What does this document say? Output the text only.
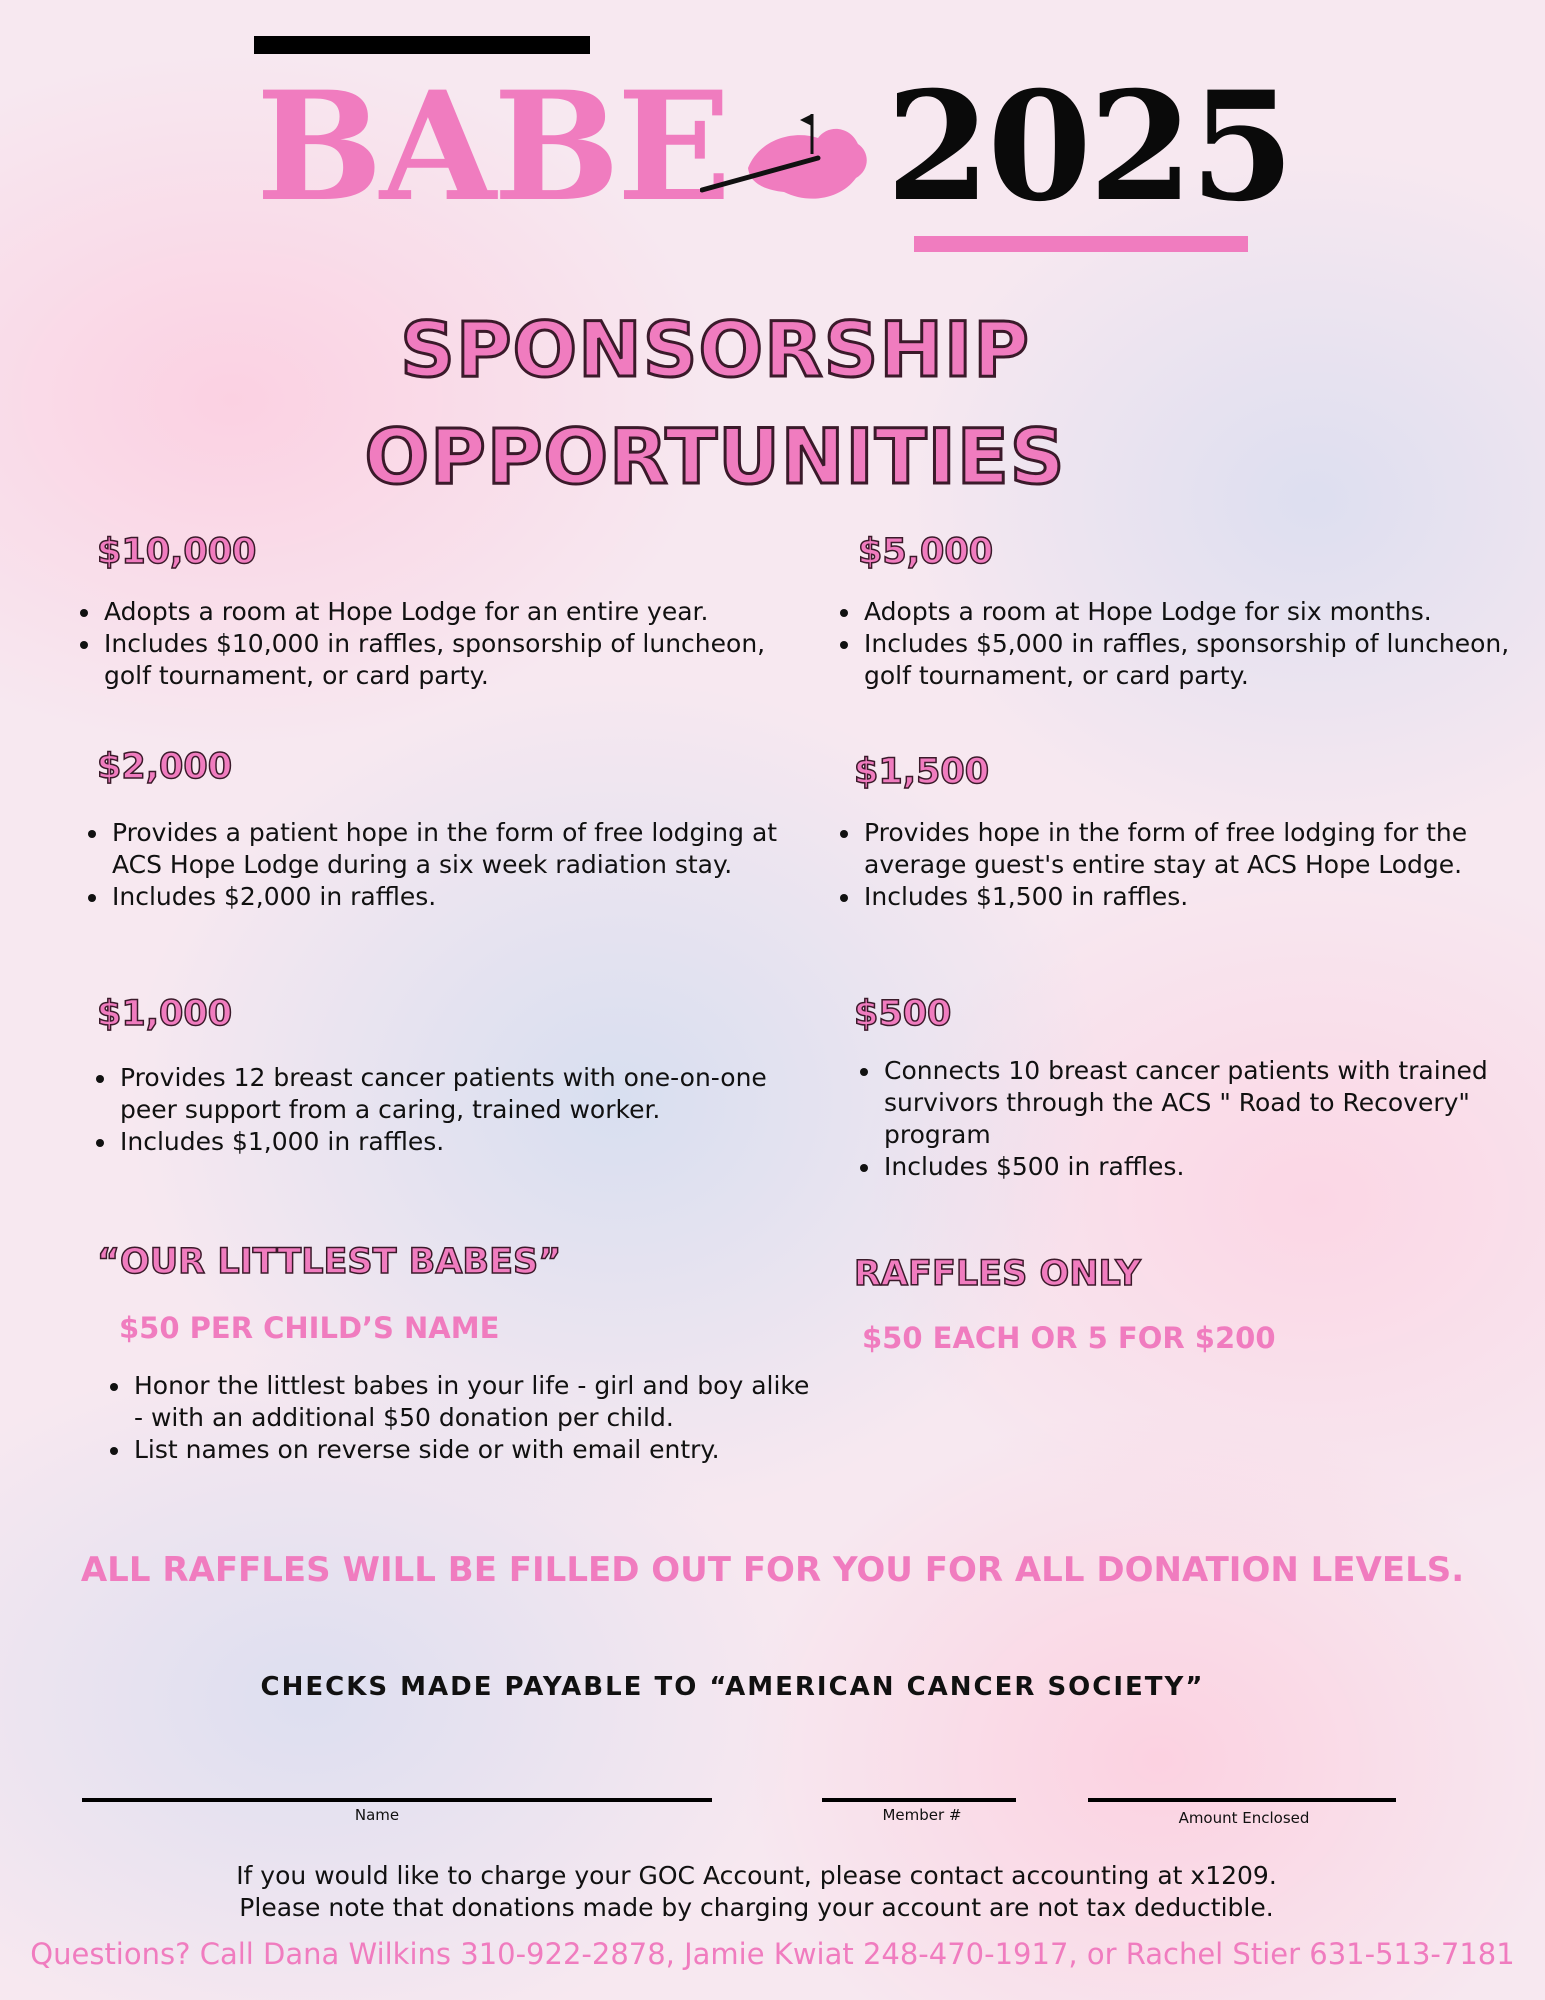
BABE 2025
SPONSORSHIP
OPPORTUNITIES
$10,000
• Adopts a room at Hope Lodge for an entire year.
• Includes $10,000 in raffles, sponsorship of luncheon, golf tournament, or card party.
$5,000
• Adopts a room at Hope Lodge for six months.
• Includes $5,000 in raffles, sponsorship of luncheon, golf tournament, or card party.
$2,000
• Provides a patient hope in the form of free lodging at ACS Hope Lodge during a six week radiation stay.
• Includes $2,000 in raffles.
$1,500
• Provides hope in the form of free lodging for the average guest's entire stay at ACS Hope Lodge.
• Includes $1,500 in raffles.
$1,000
• Provides 12 breast cancer patients with one-on-one peer support from a caring, trained worker.
• Includes $1,000 in raffles.
$500
• Connects 10 breast cancer patients with trained survivors through the ACS " Road to Recovery" program
• Includes $500 in raffles.
“OUR LITTLEST BABES”
$50 PER CHILD’S NAME
• Honor the littlest babes in your life - girl and boy alike - with an additional $50 donation per child.
• List names on reverse side or with email entry.
RAFFLES ONLY
$50 EACH OR 5 FOR $200
ALL RAFFLES WILL BE FILLED OUT FOR YOU FOR ALL DONATION LEVELS.
CHECKS MADE PAYABLE TO “AMERICAN CANCER SOCIETY”
Name	Member #	Amount Enclosed
If you would like to charge your GOC Account, please contact accounting at x1209.
Please note that donations made by charging your account are not tax deductible.
Questions? Call Dana Wilkins 310-922-2878, Jamie Kwiat 248-470-1917, or Rachel Stier 631-513-7181
